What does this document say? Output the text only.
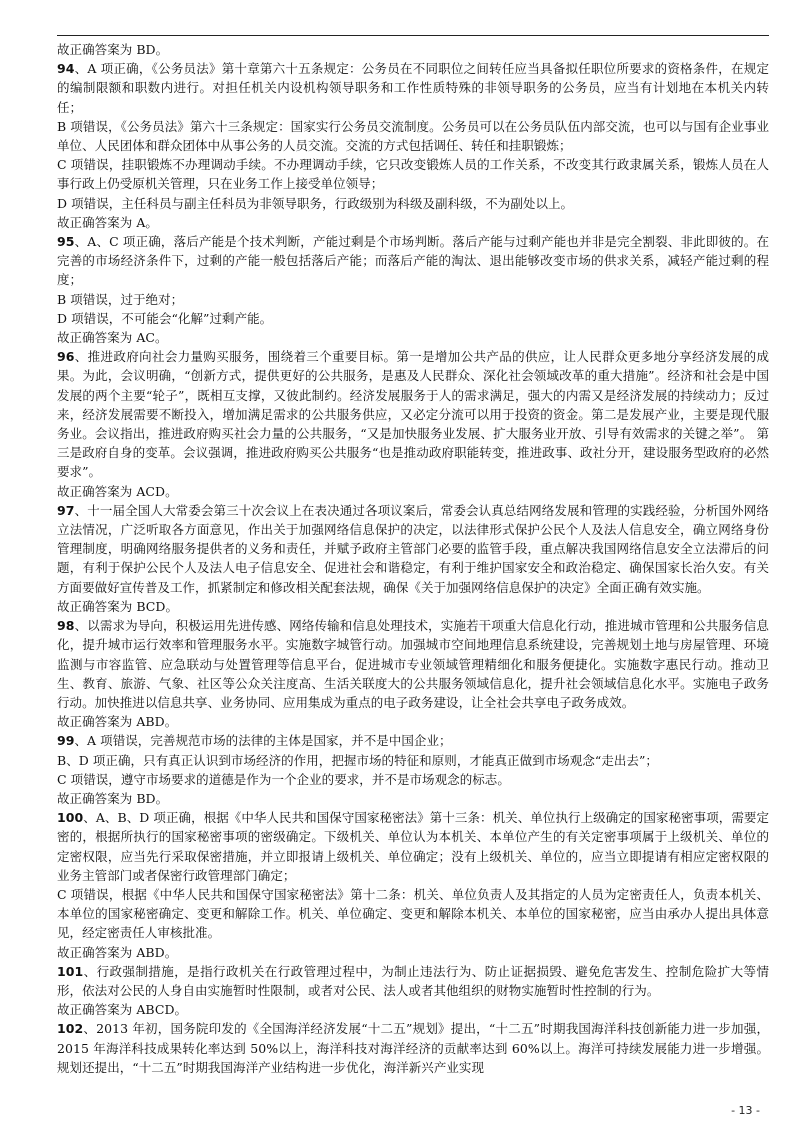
故正确答案为 BD。

94、A 项正确，《公务员法》第十章第六十五条规定：公务员在不同职位之间转任应当具备拟任职位所要求的资格条件，在规定的编制限额和职数内进行。对担任机关内设机构领导职务和工作性质特殊的非领导职务的公务员，应当有计划地在本机关内转任；

B 项错误，《公务员法》第六十三条规定：国家实行公务员交流制度。公务员可以在公务员队伍内部交流，也可以与国有企业事业单位、人民团体和群众团体中从事公务的人员交流。交流的方式包括调任、转任和挂职锻炼；

C 项错误，挂职锻炼不办理调动手续。不办理调动手续，它只改变锻炼人员的工作关系，不改变其行政隶属关系，锻炼人员在人事行政上仍受原机关管理，只在业务工作上接受单位领导；

D 项错误，主任科员与副主任科员为非领导职务，行政级别为科级及副科级，不为副处以上。

故正确答案为 A。

95、A、C 项正确，落后产能是个技术判断，产能过剩是个市场判断。落后产能与过剩产能也并非是完全割裂、非此即彼的。在完善的市场经济条件下，过剩的产能一般包括落后产能；而落后产能的淘汰、退出能够改变市场的供求关系，减轻产能过剩的程度；

B 项错误，过于绝对；

D 项错误，不可能会“化解”过剩产能。

故正确答案为 AC。

96、推进政府向社会力量购买服务，围绕着三个重要目标。第一是增加公共产品的供应，让人民群众更多地分享经济发展的成果。为此，会议明确，“创新方式，提供更好的公共服务，是惠及人民群众、深化社会领域改革的重大措施”。经济和社会是中国发展的两个主要“轮子”，既相互支撑，又彼此制约。经济发展服务于人的需求满足，强大的内需又是经济发展的持续动力；反过来，经济发展需要不断投入，增加满足需求的公共服务供应，又必定分流可以用于投资的资金。第二是发展产业，主要是现代服务业。会议指出，推进政府购买社会力量的公共服务，“又是加快服务业发展、扩大服务业开放、引导有效需求的关键之举”。 第三是政府自身的变革。会议强调，推进政府购买公共服务“也是推动政府职能转变，推进政事、政社分开，建设服务型政府的必然要求”。

故正确答案为 ACD。

97、十一届全国人大常委会第三十次会议上在表决通过各项议案后，常委会认真总结网络发展和管理的实践经验，分析国外网络立法情况，广泛听取各方面意见，作出关于加强网络信息保护的决定，以法律形式保护公民个人及法人信息安全，确立网络身份管理制度，明确网络服务提供者的义务和责任，并赋予政府主管部门必要的监管手段，重点解决我国网络信息安全立法滞后的问题，有利于保护公民个人及法人电子信息安全、促进社会和谐稳定，有利于维护国家安全和政治稳定、确保国家长治久安。有关方面要做好宣传普及工作，抓紧制定和修改相关配套法规，确保《关于加强网络信息保护的决定》全面正确有效实施。

故正确答案为 BCD。

98、以需求为导向，积极运用先进传感、网络传输和信息处理技术，实施若干项重大信息化行动，推进城市管理和公共服务信息化，提升城市运行效率和管理服务水平。实施数字城管行动。加强城市空间地理信息系统建设，完善规划土地与房屋管理、环境监测与市容监管、应急联动与处置管理等信息平台，促进城市专业领域管理精细化和服务便捷化。实施数字惠民行动。推动卫生、教育、旅游、气象、社区等公众关注度高、生活关联度大的公共服务领域信息化，提升社会领域信息化水平。实施电子政务行动。加快推进以信息共享、业务协同、应用集成为重点的电子政务建设，让全社会共享电子政务成效。

故正确答案为 ABD。

99、A 项错误，完善规范市场的法律的主体是国家，并不是中国企业；

B、D 项正确，只有真正认识到市场经济的作用，把握市场的特征和原则，才能真正做到市场观念“走出去”；

C 项错误，遵守市场要求的道德是作为一个企业的要求，并不是市场观念的标志。

故正确答案为 BD。

100、A、B、D 项正确，根据《中华人民共和国保守国家秘密法》第十三条：机关、单位执行上级确定的国家秘密事项，需要定密的，根据所执行的国家秘密事项的密级确定。下级机关、单位认为本机关、本单位产生的有关定密事项属于上级机关、单位的定密权限，应当先行采取保密措施，并立即报请上级机关、单位确定；没有上级机关、单位的，应当立即提请有相应定密权限的业务主管部门或者保密行政管理部门确定；

C 项错误，根据《中华人民共和国保守国家秘密法》第十二条：机关、单位负责人及其指定的人员为定密责任人，负责本机关、本单位的国家秘密确定、变更和解除工作。机关、单位确定、变更和解除本机关、本单位的国家秘密，应当由承办人提出具体意见，经定密责任人审核批准。

故正确答案为 ABD。

101、行政强制措施，是指行政机关在行政管理过程中，为制止违法行为、防止证据损毁、避免危害发生、控制危险扩大等情形，依法对公民的人身自由实施暂时性限制，或者对公民、法人或者其他组织的财物实施暂时性控制的行为。

故正确答案为 ABCD。

102、2013 年初，国务院印发的《全国海洋经济发展“十二五”规划》提出，“十二五”时期我国海洋科技创新能力进一步加强，2015 年海洋科技成果转化率达到 50%以上，海洋科技对海洋经济的贡献率达到 60%以上。海洋可持续发展能力进一步增强。规划还提出，“十二五”时期我国海洋产业结构进一步优化，海洋新兴产业实现

- 13 -
